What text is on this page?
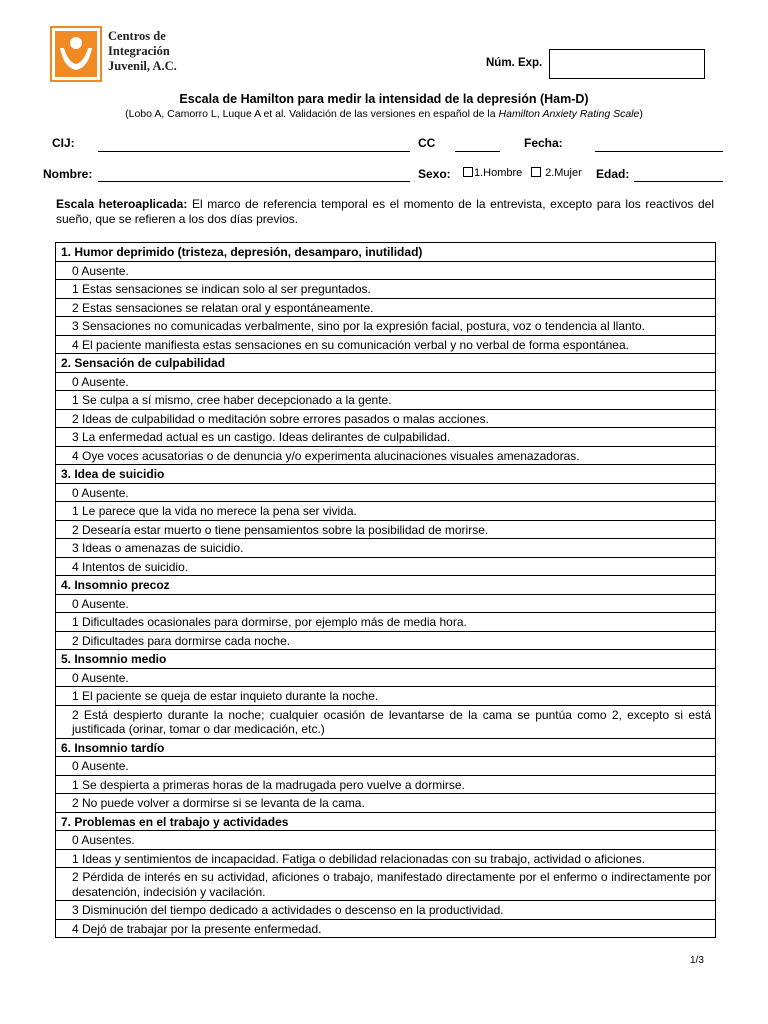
Centros de
Integración
Juvenil, A.C.	Núm. Exp.
Escala de Hamilton para medir la intensidad de la depresión (Ham-D)
(Lobo A, Camorro L, Luque A et al. Validación de las versiones en español de la Hamilton Anxiety Rating Scale)
CIJ:	CC	Fecha:
Nombre:	Sexo:	1.Hombre	2.Mujer Edad:
Escala heteroaplicada: El marco de referencia temporal es el momento de la entrevista, excepto para los reactivos del sueño, que se refieren a los dos días previos.
1. Humor deprimido (tristeza, depresión, desamparo, inutilidad)
0 Ausente.
1 Estas sensaciones se indican solo al ser preguntados.
2 Estas sensaciones se relatan oral y espontáneamente.
3 Sensaciones no comunicadas verbalmente, sino por la expresión facial, postura, voz o tendencia al llanto.
4 El paciente manifiesta estas sensaciones en su comunicación verbal y no verbal de forma espontánea.
2. Sensación de culpabilidad
0 Ausente.
1 Se culpa a sí mismo, cree haber decepcionado a la gente.
2 Ideas de culpabilidad o meditación sobre errores pasados o malas acciones.
3 La enfermedad actual es un castigo. Ideas delirantes de culpabilidad.
4 Oye voces acusatorias o de denuncia y/o experimenta alucinaciones visuales amenazadoras.
3. Idea de suicidio
0 Ausente.
1 Le parece que la vida no merece la pena ser vivida.
2 Desearía estar muerto o tiene pensamientos sobre la posibilidad de morirse.
3 Ideas o amenazas de suicidio.
4 Intentos de suicidio.
4. Insomnio precoz
0 Ausente.
1 Dificultades ocasionales para dormirse, por ejemplo más de media hora.
2 Dificultades para dormirse cada noche.
5. Insomnio medio
0 Ausente.
1 El paciente se queja de estar inquieto durante la noche.
2 Está despierto durante la noche; cualquier ocasión de levantarse de la cama se puntúa como 2, excepto si está justificada (orinar, tomar o dar medicación, etc.)
6. Insomnio tardío
0 Ausente.
1 Se despierta a primeras horas de la madrugada pero vuelve a dormirse.
2 No puede volver a dormirse si se levanta de la cama.
7. Problemas en el trabajo y actividades
0 Ausentes.
1 Ideas y sentimientos de incapacidad. Fatiga o debilidad relacionadas con su trabajo, actividad o aficiones.
2 Pérdida de interés en su actividad, aficiones o trabajo, manifestado directamente por el enfermo o indirectamente por desatención, indecisión y vacilación.
3 Disminución del tiempo dedicado a actividades o descenso en la productividad.
4 Dejó de trabajar por la presente enfermedad.
1/3
